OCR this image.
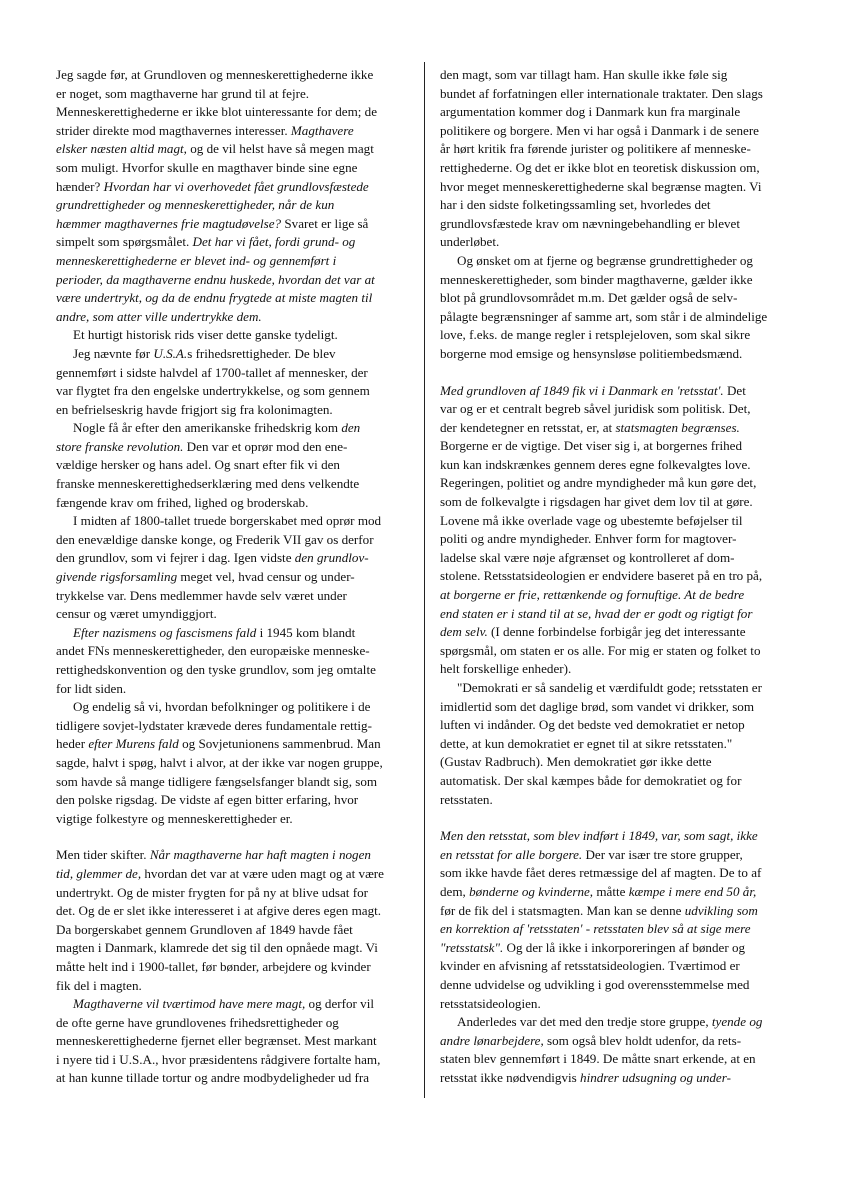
Jeg sagde før, at Grundloven og menneskerettighederne ikke
er noget, som magthaverne har grund til at fejre.
Menneskerettighederne er ikke blot uinteressante for dem; de
strider direkte mod magthavernes interesser. Magthavere
elsker næsten altid magt, og de vil helst have så megen magt
som muligt. Hvorfor skulle en magthaver binde sine egne
hænder? Hvordan har vi overhovedet fået grundlovsfæstede
grundrettigheder og menneskerettigheder, når de kun
hæmmer magthavernes frie magtudøvelse? Svaret er lige så
simpelt som spørgsmålet. Det har vi fået, fordi grund- og
menneskerettighederne er blevet ind- og gennemført i
perioder, da magthaverne endnu huskede, hvordan det var at
være undertrykt, og da de endnu frygtede at miste magten til
andre, som atter ville undertrykke dem.
Et hurtigt historisk rids viser dette ganske tydeligt.
Jeg nævnte før U.S.A.s frihedsrettigheder. De blev
gennemført i sidste halvdel af 1700-tallet af mennesker, der
var flygtet fra den engelske undertrykkelse, og som gennem
en befrielseskrig havde frigjort sig fra kolonimagten.
Nogle få år efter den amerikanske frihedskrig kom den
store franske revolution. Den var et oprør mod den ene-
vældige hersker og hans adel. Og snart efter fik vi den
franske menneskerettighedserklæring med dens velkendte
fængende krav om frihed, lighed og broderskab.
I midten af 1800-tallet truede borgerskabet med oprør mod
den enevældige danske konge, og Frederik VII gav os derfor
den grundlov, som vi fejrer i dag. Igen vidste den grundlov-
givende rigsforsamling meget vel, hvad censur og under-
trykkelse var. Dens medlemmer havde selv været under
censur og været umyndiggjort.
Efter nazismens og fascismens fald i 1945 kom blandt
andet FNs menneskerettigheder, den europæiske menneske-
rettighedskonvention og den tyske grundlov, som jeg omtalte
for lidt siden.
Og endelig så vi, hvordan befolkninger og politikere i de
tidligere sovjet-lydstater krævede deres fundamentale rettig-
heder efter Murens fald og Sovjetunionens sammenbrud. Man
sagde, halvt i spøg, halvt i alvor, at der ikke var nogen gruppe,
som havde så mange tidligere fængselsfanger blandt sig, som
den polske rigsdag. De vidste af egen bitter erfaring, hvor
vigtige folkestyre og menneskerettigheder er.
Men tider skifter. Når magthaverne har haft magten i nogen
tid, glemmer de, hvordan det var at være uden magt og at være
undertrykt. Og de mister frygten for på ny at blive udsat for
det. Og de er slet ikke interesseret i at afgive deres egen magt.
Da borgerskabet gennem Grundloven af 1849 havde fået
magten i Danmark, klamrede det sig til den opnåede magt. Vi
måtte helt ind i 1900-tallet, før bønder, arbejdere og kvinder
fik del i magten.
Magthaverne vil tværtimod have mere magt, og derfor vil
de ofte gerne have grundlovenes frihedsrettigheder og
menneskerettighederne fjernet eller begrænset. Mest markant
i nyere tid i U.S.A., hvor præsidentens rådgivere fortalte ham,
at han kunne tillade tortur og andre modbydeligheder ud fra
den magt, som var tillagt ham. Han skulle ikke føle sig
bundet af forfatningen eller internationale traktater. Den slags
argumentation kommer dog i Danmark kun fra marginale
politikere og borgere. Men vi har også i Danmark i de senere
år hørt kritik fra førende jurister og politikere af menneske-
rettighederne. Og det er ikke blot en teoretisk diskussion om,
hvor meget menneskerettighederne skal begrænse magten. Vi
har i den sidste folketingssamling set, hvorledes det
grundlovsfæstede krav om nævningebehandling er blevet
underløbet.
Og ønsket om at fjerne og begrænse grundrettigheder og
menneskerettigheder, som binder magthaverne, gælder ikke
blot på grundlovsområdet m.m. Det gælder også de selv-
pålagte begrænsninger af samme art, som står i de almindelige
love, f.eks. de mange regler i retsplejeloven, som skal sikre
borgerne mod emsige og hensynsløse politiembedsmænd.
Med grundloven af 1849 fik vi i Danmark en 'retsstat'. Det
var og er et centralt begreb såvel juridisk som politisk. Det,
der kendetegner en retsstat, er, at statsmagten begrænses.
Borgerne er de vigtige. Det viser sig i, at borgernes frihed
kun kan indskrænkes gennem deres egne folkevalgtes love.
Regeringen, politiet og andre myndigheder må kun gøre det,
som de folkevalgte i rigsdagen har givet dem lov til at gøre.
Lovene må ikke overlade vage og ubestemte beføjelser til
politi og andre myndigheder. Enhver form for magtover-
ladelse skal være nøje afgrænset og kontrolleret af dom-
stolene. Retsstatsideologien er endvidere baseret på en tro på,
at borgerne er frie, rettænkende og fornuftige. At de bedre
end staten er i stand til at se, hvad der er godt og rigtigt for
dem selv. (I denne forbindelse forbigår jeg det interessante
spørgsmål, om staten er os alle. For mig er staten og folket to
helt forskellige enheder).
"Demokrati er så sandelig et værdifuldt gode; retsstaten er
imidlertid som det daglige brød, som vandet vi drikker, som
luften vi indånder. Og det bedste ved demokratiet er netop
dette, at kun demokratiet er egnet til at sikre retsstaten."
(Gustav Radbruch). Men demokratiet gør ikke dette
automatisk. Der skal kæmpes både for demokratiet og for
retsstaten.
Men den retsstat, som blev indført i 1849, var, som sagt, ikke
en retsstat for alle borgere. Der var især tre store grupper,
som ikke havde fået deres retmæssige del af magten. De to af
dem, bønderne og kvinderne, måtte kæmpe i mere end 50 år,
før de fik del i statsmagten. Man kan se denne udvikling som
en korrektion af 'retsstaten' - retsstaten blev så at sige mere
"retsstatsk". Og der lå ikke i inkorporeringen af bønder og
kvinder en afvisning af retsstatsideologien. Tværtimod er
denne udvidelse og udvikling i god overensstemmelse med
retsstatsideologien.
Anderledes var det med den tredje store gruppe, tyende og
andre lønarbejdere, som også blev holdt udenfor, da rets-
staten blev gennemført i 1849. De måtte snart erkende, at en
retsstat ikke nødvendigvis hindrer udsugning og under-
